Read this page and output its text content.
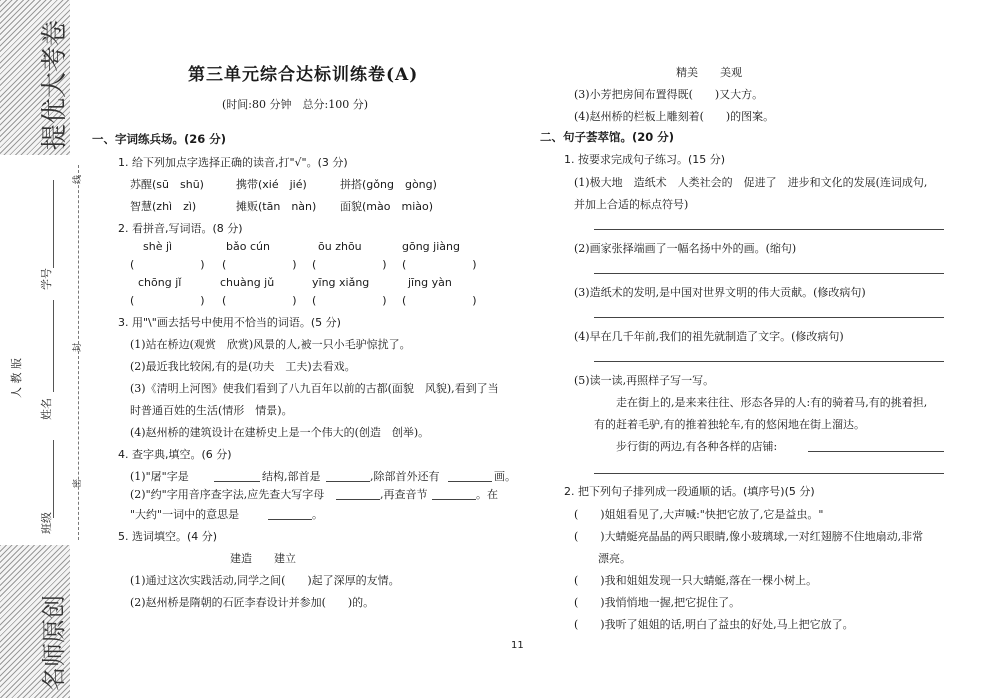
提优大考卷
名师原创
人 教 版
班级
姓名
学号
线
封
密
第三单元综合达标训练卷(A)
(时间:80 分钟　总分:100 分)
一、字词练兵场。(26 分)
1. 给下列加点字选择正确的读音,打"√"。(3 分)
苏醒(sū　shū)	携带(xié　jié)	拼搭(gǒng　gòng)
智慧(zhì　zì)	摊贩(tān　nàn) 面貌(mào　miào)
2. 看拼音,写词语。(8 分)
shè jì	bǎo cún	ōu zhōu	gōng jiàng
(　　　　　　) (　　　　　　) (　　　　　　) (　　　　　　)
chōng jǐ	chuàng jǔ	yīng xiǎng	jīng yàn
(　　　　　　) (　　　　　　) (　　　　　　) (　　　　　　)
3. 用"\"画去括号中使用不恰当的词语。(5 分)
(1)站在桥边(观赏　欣赏)风景的人,被一只小毛驴惊扰了。
(2)最近我比较闲,有的是(功夫　工夫)去看戏。
(3)《清明上河图》使我们看到了八九百年以前的古都(面貌　风貌),看到了当
时普通百姓的生活(情形　情景)。
(4)赵州桥的建筑设计在建桥史上是一个伟大的(创造　创举)。
4. 查字典,填空。(6 分)
(1)"屠"字是	结构,部首是	,除部首外还有	画。
(2)"约"字用音序查字法,应先查大写字母	,再查音节	。在
"大约"一词中的意思是	。
5. 选词填空。(4 分)
建造　　建立
(1)通过这次实践活动,同学之间(　　)起了深厚的友情。
(2)赵州桥是隋朝的石匠李春设计并参加(　　)的。
精美　　美观
(3)小芳把房间布置得既(　　)又大方。
(4)赵州桥的栏板上雕刻着(　　)的图案。
二、句子荟萃馆。(20 分)
1. 按要求完成句子练习。(15 分)
(1)极大地　造纸术　人类社会的　促进了　进步和文化的发展(连词成句,
并加上合适的标点符号)
(2)画家张择端画了一幅名扬中外的画。(缩句)
(3)造纸术的发明,是中国对世界文明的伟大贡献。(修改病句)
(4)早在几千年前,我们的祖先就制造了文字。(修改病句)
(5)读一读,再照样子写一写。
走在街上的,是来来往往、形态各异的人:有的骑着马,有的挑着担,
有的赶着毛驴,有的推着独轮车,有的悠闲地在街上溜达。
步行街的两边,有各种各样的店铺:
2. 把下列句子排列成一段通顺的话。(填序号)(5 分)
(　　)姐姐看见了,大声喊:"快把它放了,它是益虫。"
(　　)大蜻蜓亮晶晶的两只眼睛,像小玻璃球,一对红翅膀不住地扇动,非常
漂亮。
(　　)我和姐姐发现一只大蜻蜓,落在一棵小树上。
(　　)我悄悄地一握,把它捉住了。
(　　)我听了姐姐的话,明白了益虫的好处,马上把它放了。
11
